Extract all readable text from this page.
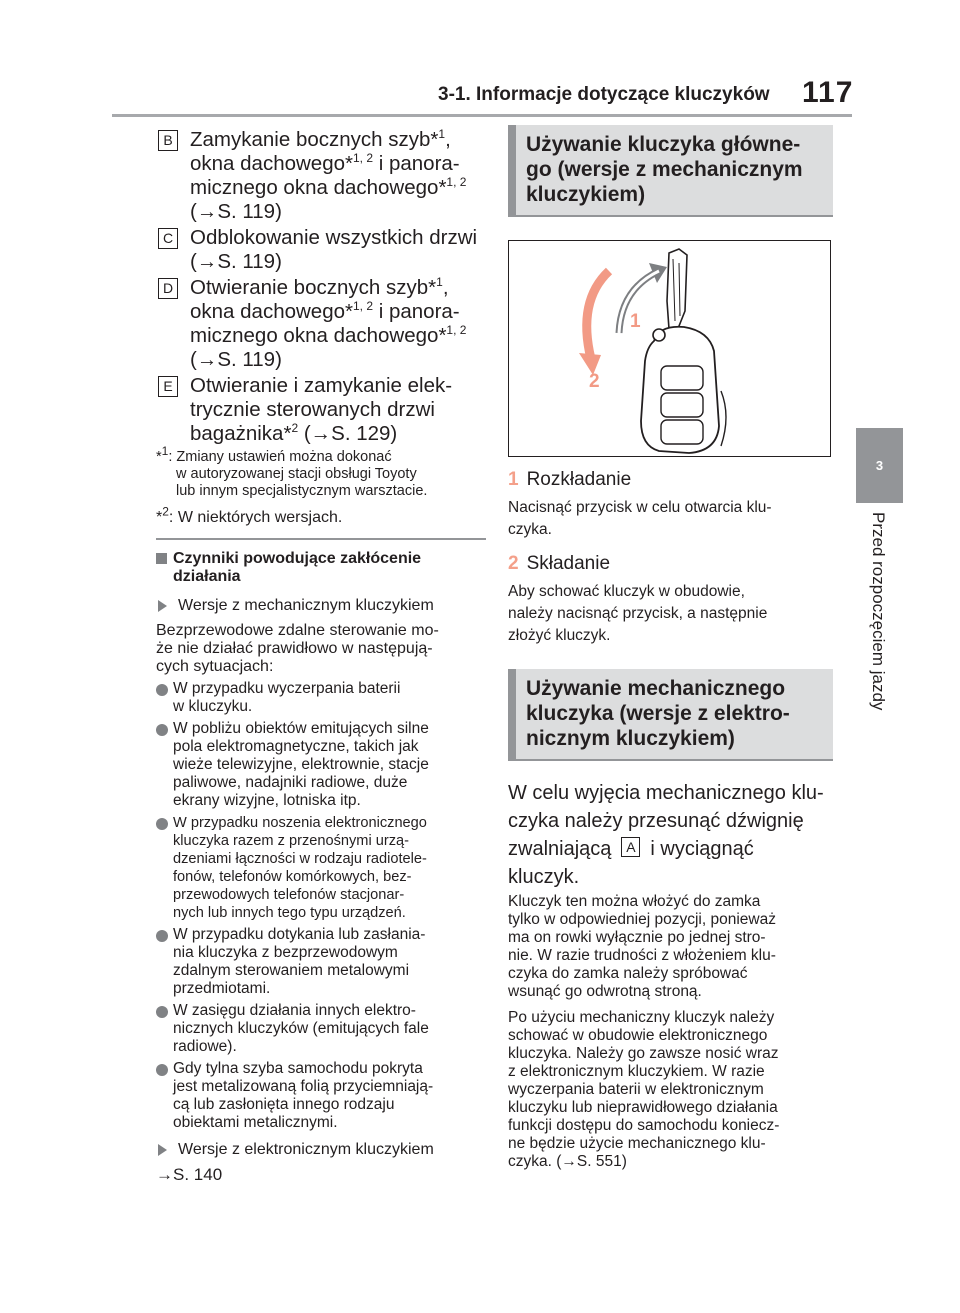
3-1. Informacje dotyczące kluczyków 117
3
Przed rozpoczęciem jazdy
B Zamykanie bocznych szyb*$^1$,
okna dachowego*$^{1, 2}$ i panora-
micznego okna dachowego*$^{1, 2}$
(→S. 119)
C Odblokowanie wszystkich drzwi
(→S. 119)
D Otwieranie bocznych szyb*$^1$,
okna dachowego*$^{1, 2}$ i panora-
micznego okna dachowego*$^{1, 2}$
(→S. 119)
E Otwieranie i zamykanie elek-
trycznie sterowanych drzwi
bagażnika*$^2$ (→S. 129)
*$^1$: Zmiany ustawień można dokonać
w autoryzowanej stacji obsługi Toyoty
lub innym specjalistycznym warsztacie.
*$^2$: W niektórych wersjach.
Czynniki powodujące zakłócenie
działania
Wersje z mechanicznym kluczykiem
Bezprzewodowe zdalne sterowanie mo-
że nie działać prawidłowo w następują-
cych sytuacjach:
W przypadku wyczerpania baterii
w kluczyku.
W pobliżu obiektów emitujących silne
pola elektromagnetyczne, takich jak
wieże telewizyjne, elektrownie, stacje
paliwowe, nadajniki radiowe, duże
ekrany wizyjne, lotniska itp.
W przypadku noszenia elektronicznego
kluczyka razem z przenośnymi urzą-
dzeniami łączności w rodzaju radiotele-
fonów, telefonów komórkowych, bez-
przewodowych telefonów stacjonar-
nych lub innych tego typu urządzeń.
W przypadku dotykania lub zasłania-
nia kluczyka z bezprzewodowym
zdalnym sterowaniem metalowymi
przedmiotami.
W zasięgu działania innych elektro-
nicznych kluczyków (emitujących fale
radiowe).
Gdy tylna szyba samochodu pokryta
jest metalizowaną folią przyciemniają-
cą lub zasłonięta innego rodzaju
obiektami metalicznymi.
Wersje z elektronicznym kluczykiem
→S. 140
Używanie kluczyka główne-
go (wersje z mechanicznym
kluczykiem)
1
2
1 Rozkładanie
Nacisnąć przycisk w celu otwarcia klu-
czyka.
2 Składanie
Aby schować kluczyk w obudowie,
należy nacisnąć przycisk, a następnie
złożyć kluczyk.
Używanie mechanicznego
kluczyka (wersje z elektro-
nicznym kluczykiem)
W celu wyjęcia mechanicznego klu-
czyka należy przesunąć dźwignię
zwalniającą A i wyciągnąć
kluczyk.
Kluczyk ten można włożyć do zamka
tylko w odpowiedniej pozycji, ponieważ
ma on rowki wyłącznie po jednej stro-
nie. W razie trudności z włożeniem klu-
czyka do zamka należy spróbować
wsunąć go odwrotną stroną.
Po użyciu mechaniczny kluczyk należy
schować w obudowie elektronicznego
kluczyka. Należy go zawsze nosić wraz
z elektronicznym kluczykiem. W razie
wyczerpania baterii w elektronicznym
kluczyku lub nieprawidłowego działania
funkcji dostępu do samochodu koniecz-
ne będzie użycie mechanicznego klu-
czyka. (→S. 551)
